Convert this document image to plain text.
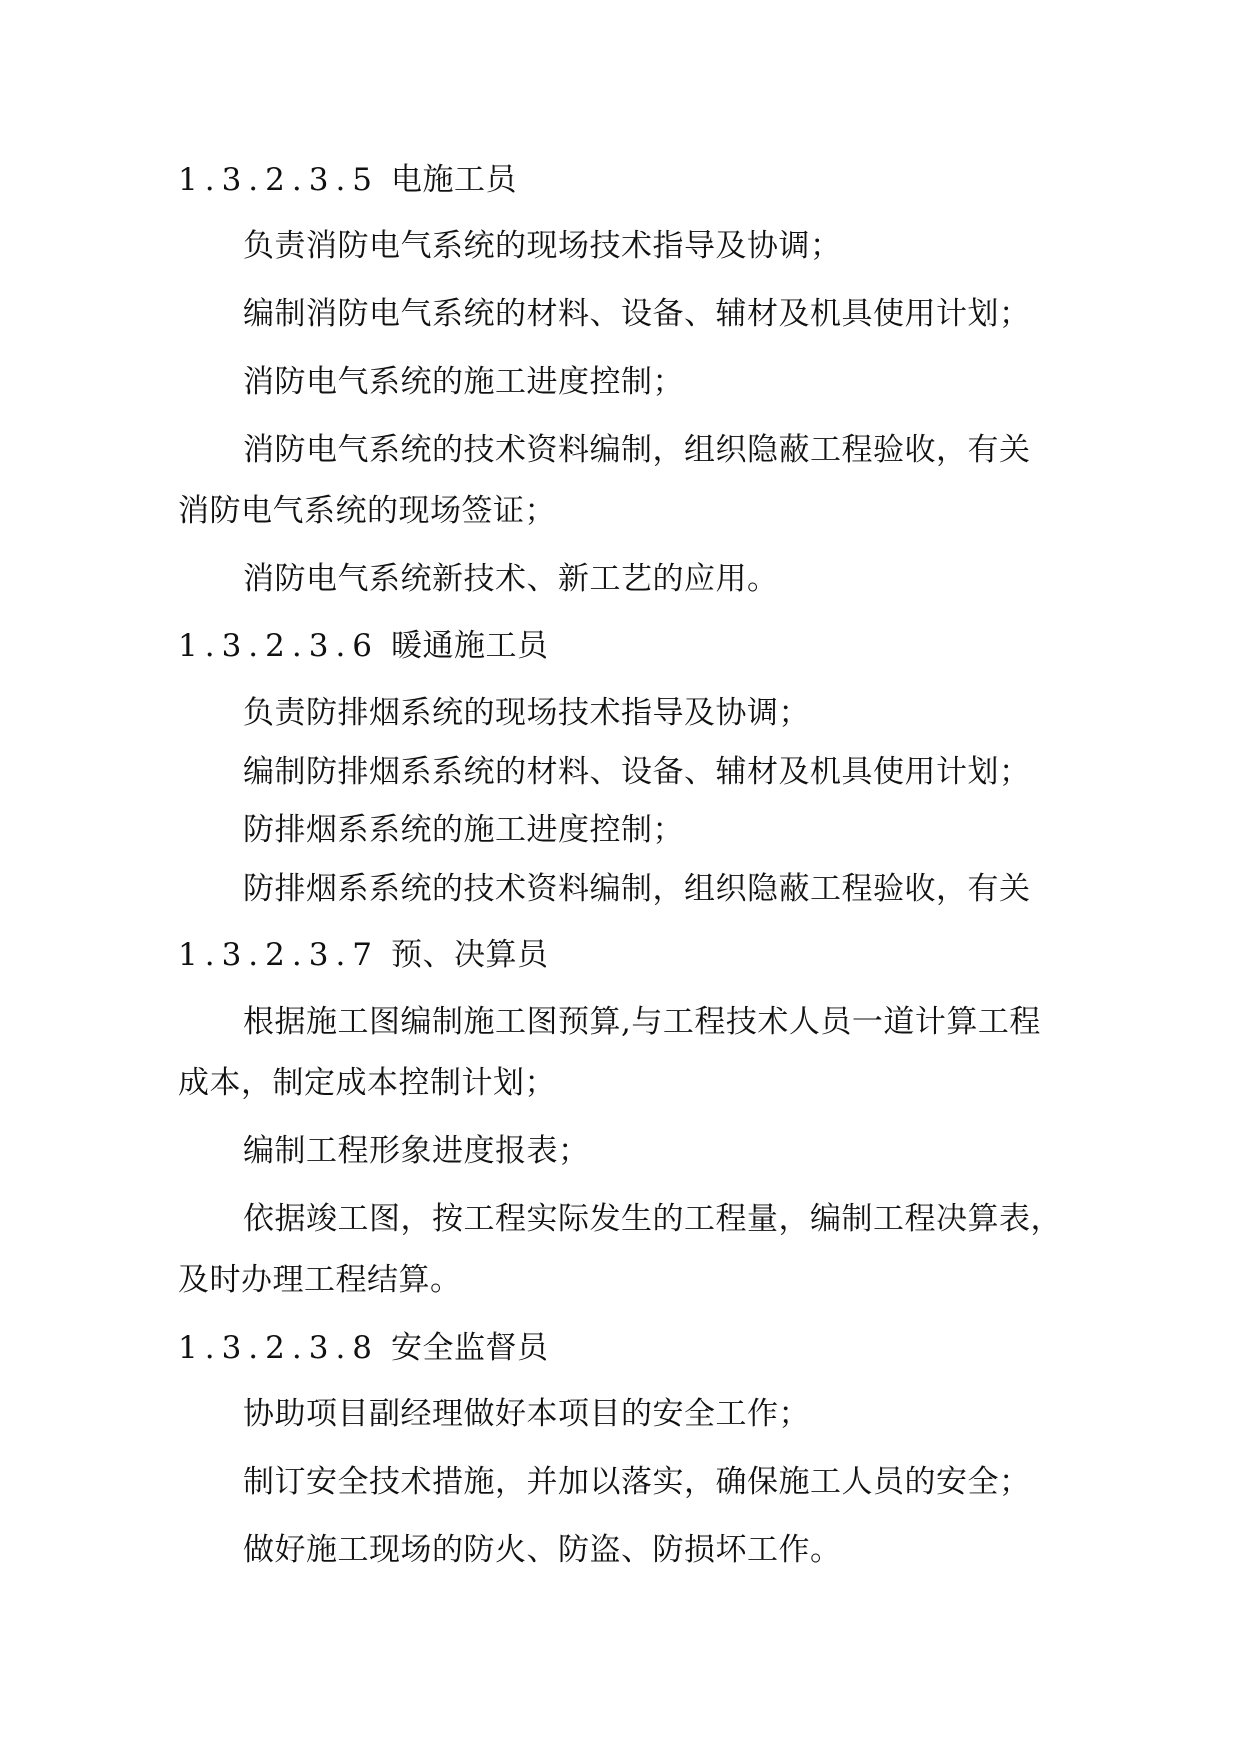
1.3.2.3.5 电施工员
负责消防电气系统的现场技术指导及协调；
编制消防电气系统的材料、设备、辅材及机具使用计划；
消防电气系统的施工进度控制；
消防电气系统的技术资料编制，组织隐蔽工程验收，有关
消防电气系统的现场签证；
消防电气系统新技术、新工艺的应用。
1.3.2.3.6 暖通施工员
负责防排烟系统的现场技术指导及协调；
编制防排烟系系统的材料、设备、辅材及机具使用计划；
防排烟系系统的施工进度控制；
防排烟系系统的技术资料编制，组织隐蔽工程验收，有关
1.3.2.3.7 预、决算员
根据施工图编制施工图预算,与工程技术人员一道计算工程
成本，制定成本控制计划；
编制工程形象进度报表；
依据竣工图，按工程实际发生的工程量，编制工程决算表，
及时办理工程结算。
1.3.2.3.8 安全监督员
协助项目副经理做好本项目的安全工作；
制订安全技术措施，并加以落实，确保施工人员的安全；
做好施工现场的防火、防盗、防损坏工作。
